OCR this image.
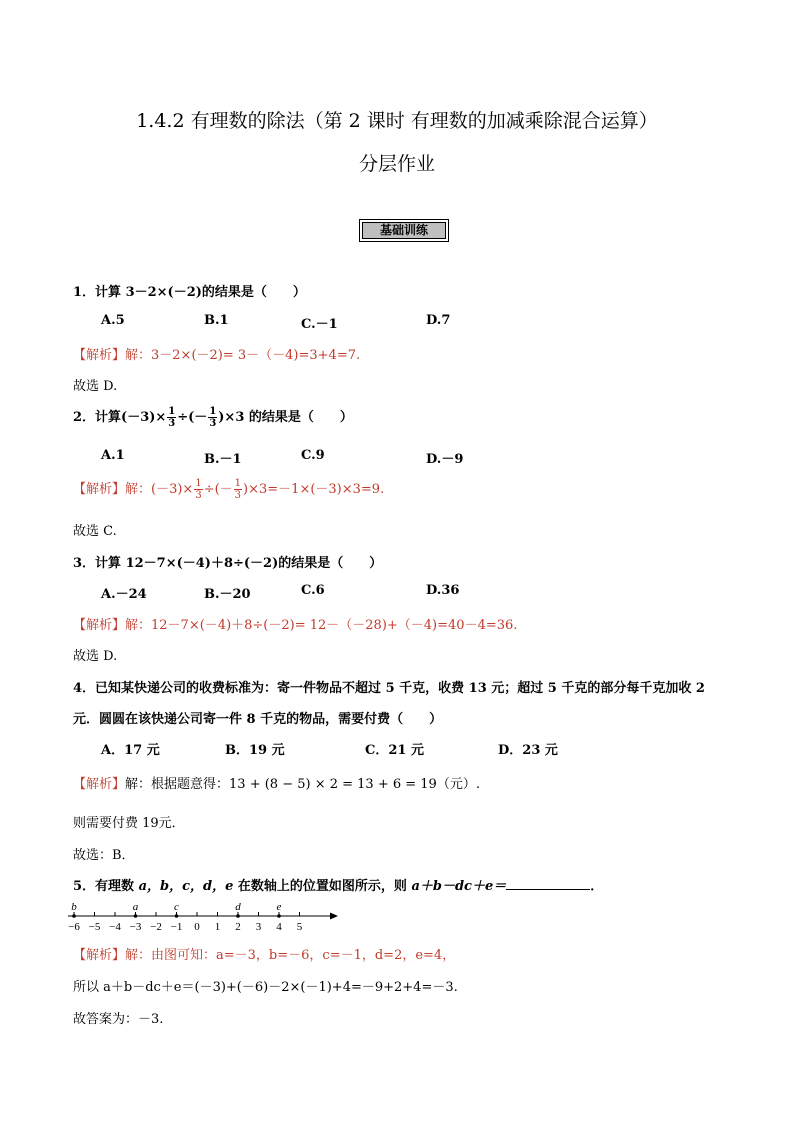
1.4.2 有理数的除法（第 2 课时 有理数的加减乘除混合运算）
分层作业
基础训练
1．计算 3－2×(－2)的结果是（　　）
A.5	B.1	C.－1	D.7
【解析】解：3－2×(－2)= 3－（－4)=3+4=7.
故选 D.
2．计算$(-3)\times \frac{1}{3}$ ÷(－ $\frac{1}{3} )\times 3$ 的结果是（　　）
A.1	B.－1	C.9	D.－9
【解析】解：$(-3)\times \frac{1}{3}$ ÷(－ $\frac{1}{3} )\times 3=-1\times(-3)\times 3=9$.
故选 C.
3．计算 12－7×(－4)＋8÷(－2)的结果是（　　）
A.－24	B.－20	C.6	D.36
【解析】解：12－7×(－4)＋8÷(－2)= 12－（－28)+（－4)=40－4=36.
故选 D.
4．已知某快递公司的收费标准为：寄一件物品不超过 5 千克，收费 13 元；超过 5 千克的部分每千克加收 2
元．圆圆在该快递公司寄一件 8 千克的物品，需要付费（　　）
A．17 元	B．19 元	C．21 元	D．23 元
【解析】解：根据题意得：13 + (8 − 5) × 2 = 13 + 6 = 19（元）.
则需要付费 19元．
故选：B．
5．有理数 a，b，c，d，e 在数轴上的位置如图所示，则 a＋b－dc＋e＝	．
−6 −5 −4 −3 −2 −1 0 1 2 3 4 5
b	a	c	d	e
【解析】解：由图可知：a=－3，b=－6，c=－1，d=2，e=4，
所以 a＋b－dc＋e＝(－3)+(－6)－2×(－1)+4=－9+2+4=－3.
故答案为：－3.
